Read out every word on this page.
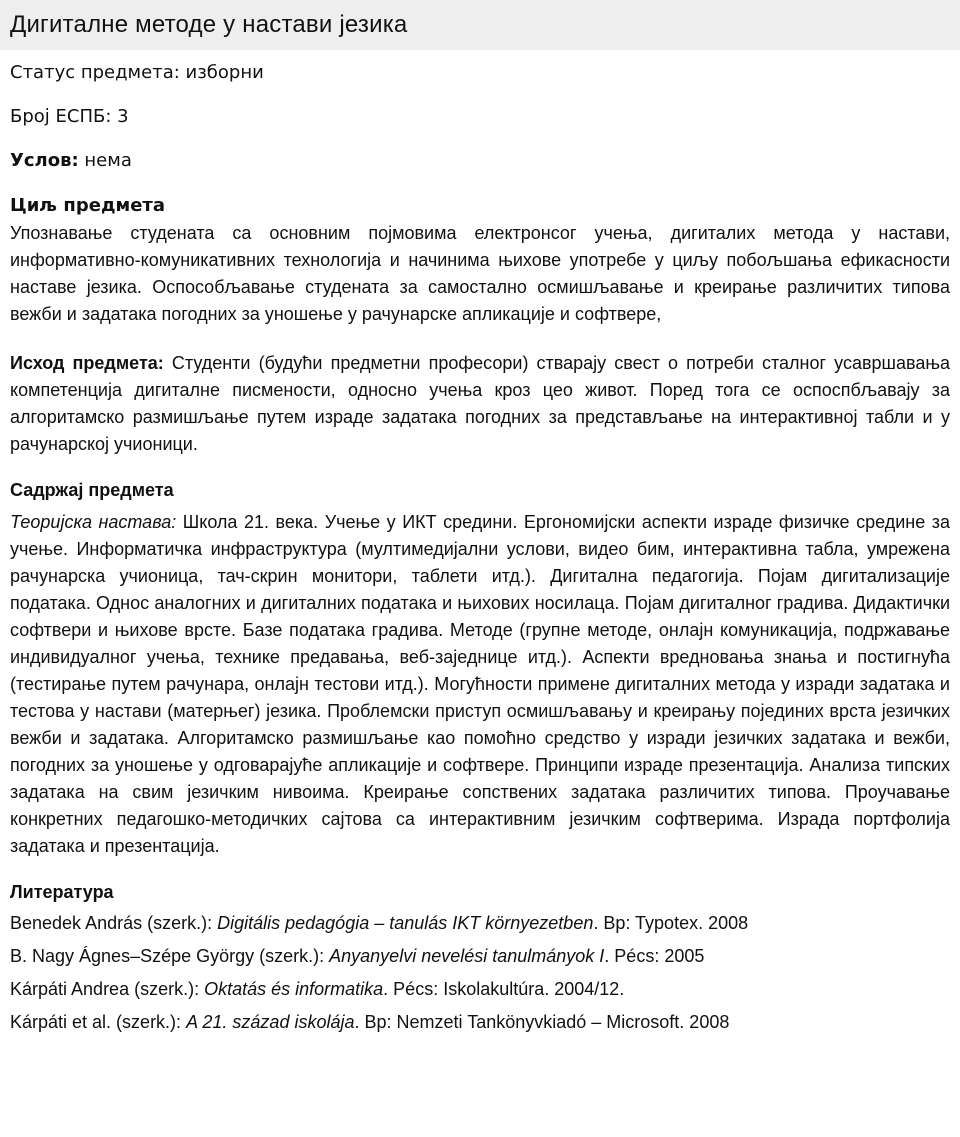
Дигиталне методе у настави језика

Статус предмета: изборни

Број ЕСПБ: 3

Услов: нема

Циљ предмета

Упознавање студената са основним појмовима електронсог учења, дигиталих метода у настави, информативно-комуникативних технологија и начинима њихове употребе у циљу побољшања ефикасности наставе језика. Оспособљавање студената за самостално осмишљавање и креирање различитих типова вежби и задатака погодних за уношење у рачунарске апликације и софтвере,

Исход предмета: Студенти (будући предметни професори) стварају свест о потреби сталног усавршавања компетенција дигиталне писмености, односно учења кроз цео живот. Поред тога се оспоспбљавају за алгоритамско размишљање путем израде задатака погодних за представљање на интерактивној табли и у рачунарској учионици.

Садржај предмета

Теоријска настава: Школа 21. века. Учење у ИКТ средини. Ергономијски аспекти израде физичке средине за учење. Информатичка инфраструктура (мултимедијални услови, видео бим, интерактивна табла, умрежена рачунарска учионица, тач-скрин монитори, таблети итд.). Дигитална педагогија. Појам дигитализације података. Однос аналогних и дигиталних података и њихових носилаца. Појам дигиталног градива. Дидактички софтвери и њихове врсте. Базе података градива. Методе (групне методе, онлајн комуникација, подржавање индивидуалног учења, технике предавања, веб-заједнице итд.). Аспекти вредновања знања и постигнућа (тестирање путем рачунара, онлајн тестови итд.). Могућности примене дигиталних метода у изради задатака и тестова у настави (матерњег) језика. Проблемски приступ осмишљавању и креирању појединих врста језичких вежби и задатака. Алгоритамско размишљање као помоћно средство у изради језичких задатака и вежби, погодних за уношење у одговарајуће апликације и софтвере. Принципи израде презентација. Анализа типских задатака на свим језичким нивоима. Креирање сопствених задатака различитих типова. Проучавање конкретних педагошко-методичких сајтова са интерактивним језичким софтверима. Израда портфолија задатака и презентација.

Литература

Benedek András (szerk.): Digitális pedagógia – tanulás IKT környezetben. Bp: Typotex. 2008

B. Nagy Ágnes–Szépe György (szerk.): Anyanyelvi nevelési tanulmányok I. Pécs: 2005

Kárpáti Andrea (szerk.): Oktatás és informatika. Pécs: Iskolakultúra. 2004/12.

Kárpáti et al. (szerk.): A 21. század iskolája. Bp: Nemzeti Tankönyvkiadó – Microsoft. 2008
